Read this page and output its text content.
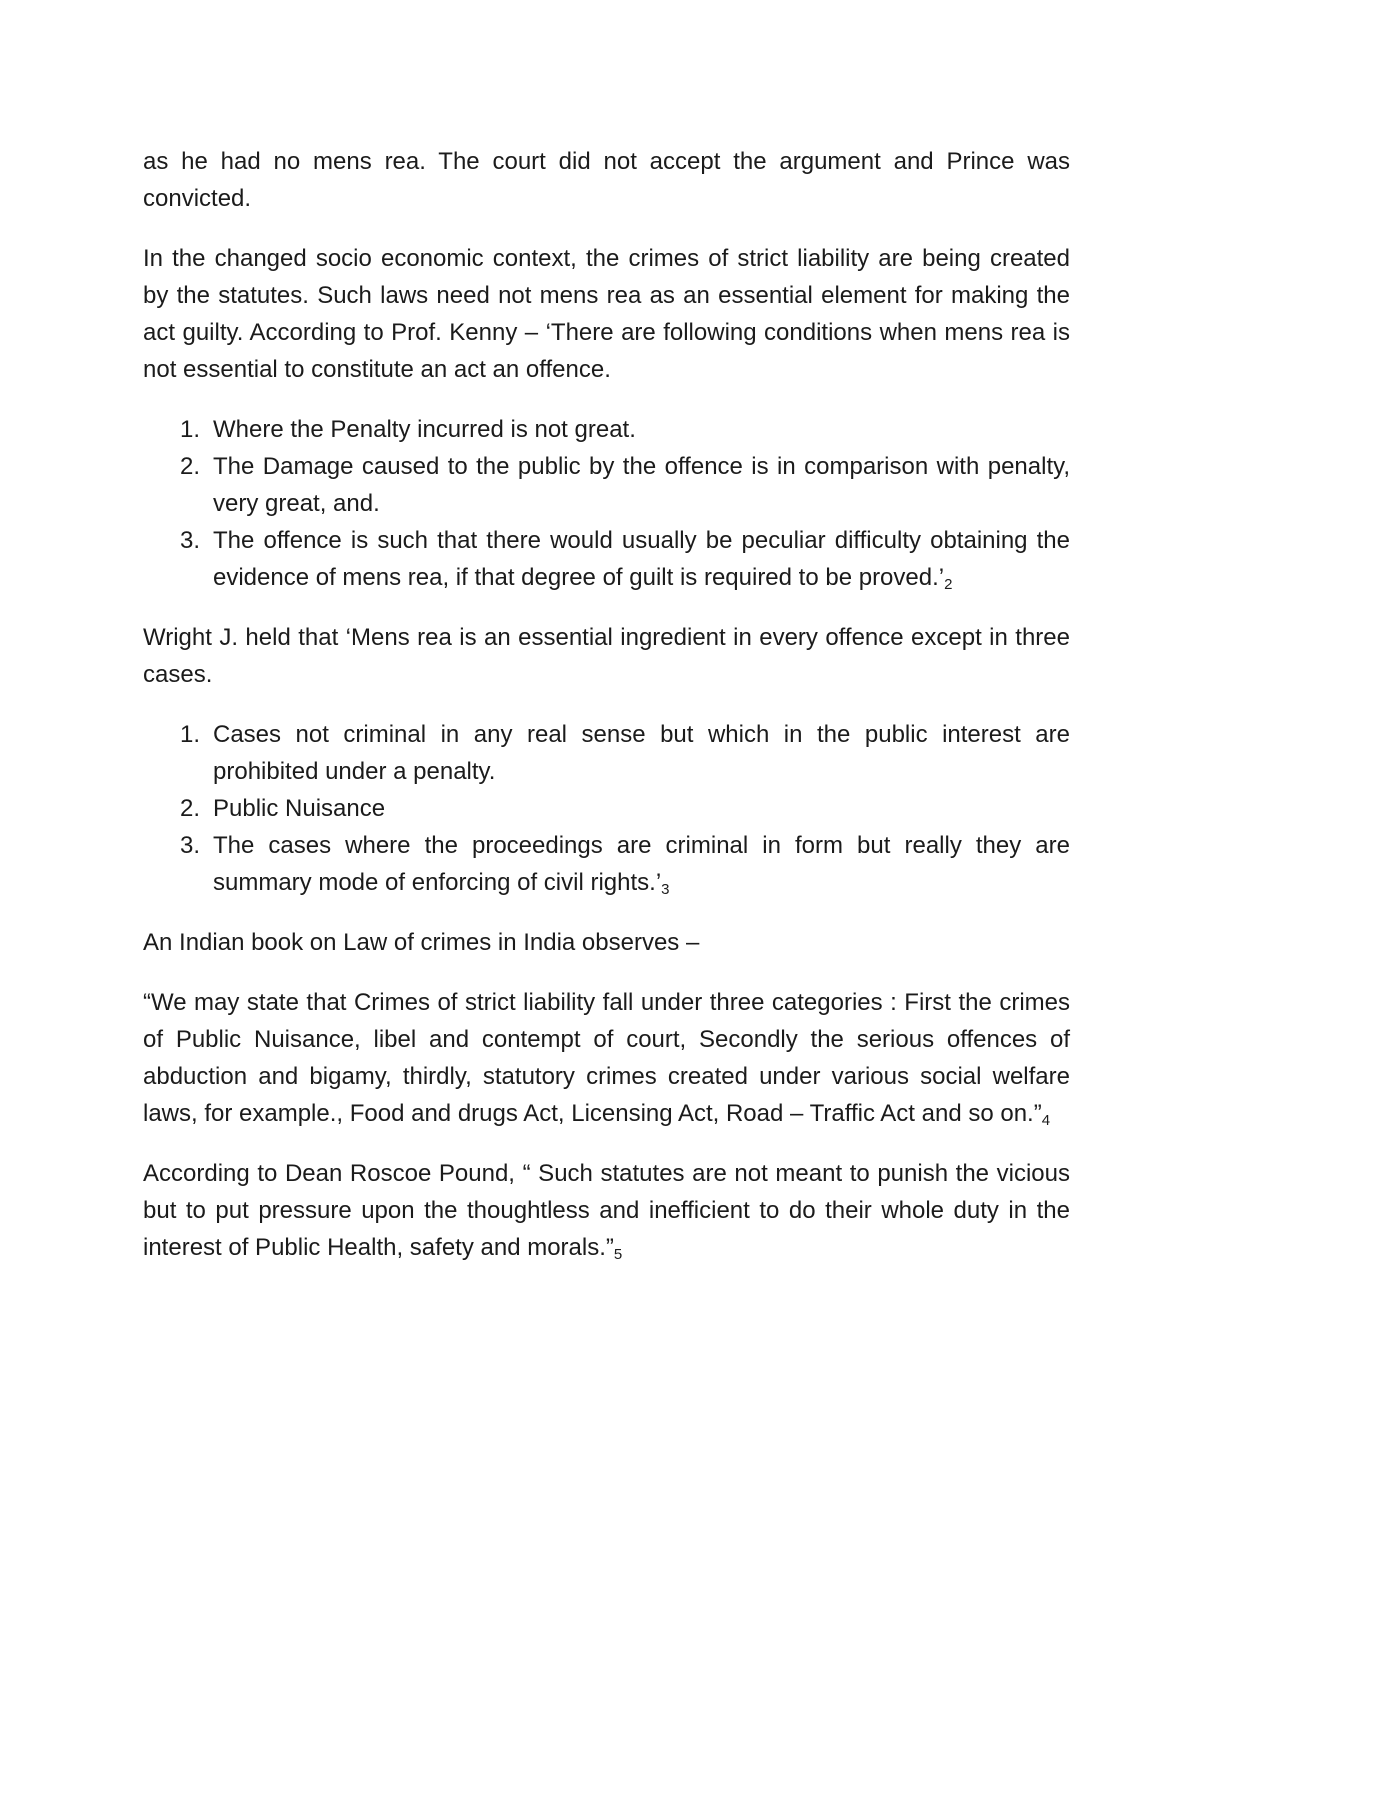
as he had no mens rea. The court did not accept the argument and Prince was convicted.

In the changed socio economic context, the crimes of strict liability are being created by the statutes. Such laws need not mens rea as an essential element for making the act guilty. According to Prof. Kenny – ‘There are following conditions when mens rea is not essential to constitute an act an offence.

1. Where the Penalty incurred is not great.
2. The Damage caused to the public by the offence is in comparison with penalty, very great, and.
3. The offence is such that there would usually be peculiar difficulty obtaining the evidence of mens rea, if that degree of guilt is required to be $proved.’_2$

Wright J. held that ‘Mens rea is an essential ingredient in every offence except in three cases.

1. Cases not criminal in any real sense but which in the public interest are prohibited under a penalty.
2. Public Nuisance
3. The cases where the proceedings are criminal in form but really they are summary mode of enforcing of civil $rights.’_3$

An Indian book on Law of crimes in India observes –

“We may state that Crimes of strict liability fall under three categories : First the crimes of Public Nuisance, libel and contempt of court, Secondly the serious offences of abduction and bigamy, thirdly, statutory crimes created under various social welfare laws, for example., Food and drugs Act, Licensing Act, Road – Traffic Act and so $on.”_4$

According to Dean Roscoe Pound, “ Such statutes are not meant to punish the vicious but to put pressure upon the thoughtless and inefficient to do their whole duty in the interest of Public Health, safety and $morals.”_5$
